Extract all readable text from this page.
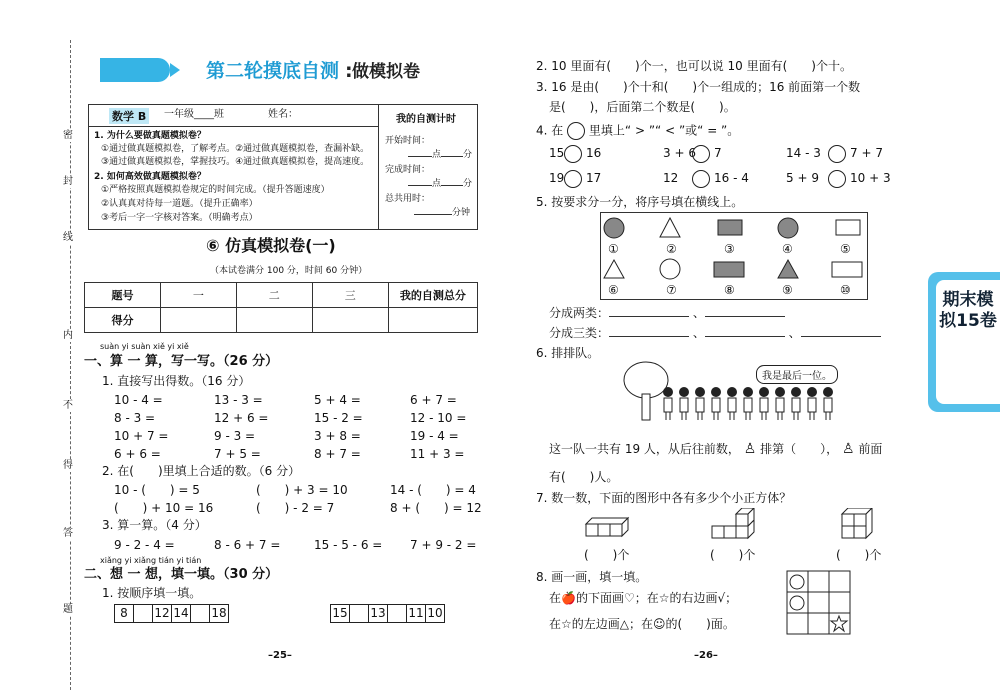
密
封
线
内
不
得
答
题
第二轮摸底自测 做模拟卷
:
数学 B	一年级____班	姓名：
1. 为什么要做真题模拟卷？
①通过做真题模拟卷，了解考点。②通过做真题模拟卷，查漏补缺。
③通过做真题模拟卷，掌握技巧。④通过做真题模拟卷，提高速度。
2. 如何高效做真题模拟卷？
①严格按照真题模拟卷规定的时间完成。（提升答题速度）
②认真真对待每一道题。（提升正确率）
③考后一字一字核对答案。（明确考点）
我的自测计时
开始时间：
点 分
完成时间：
点 分
总共用时：
分钟
⑥ 仿真模拟卷(一)
（本试卷满分 100 分，时间 60 分钟）
题号	一	二	三	我的自测总分
得分				
suàn yi suàn xiě yi xiě
一、算 一 算，写一写。（26 分）
1. 直接写出得数。（16 分）
10 - 4 =	13 - 3 =	5 + 4 =	6 + 7 =
8 - 3 =	12 + 6 =	15 - 2 =	12 - 10 =
10 + 7 =	9 - 3 =	3 + 8 =	19 - 4 =
6 + 6 =	7 + 5 =	8 + 7 =	11 + 3 =
2. 在(　　)里填上合适的数。（6 分）
10 - (　　) = 5	(　　) + 3 = 10	14 - (　　) = 4
(　　) + 10 = 16	(　　) - 2 = 7	8 + (　　) = 12
3. 算一算。（4 分）
9 - 2 - 4 =	8 - 6 + 7 =	15 - 5 - 6 = 7 + 9 - 2 =
xiǎng yi xiǎng tián yi tián
二、想 一 想，填一填。（30 分）
1. 按顺序填一填。
8	12 14 18	15 13 11 10
–25–	–26–
2. 10 里面有(　　)个一，也可以说 10 里面有(　　)个十。
3. 16 是由(　　)个十和(　　)个一组成的；16 前面第一个数
是(　　)，后面第二个数是(　　)。
4. 在 里填上“ > ”“ < ”或“ = ”。
15 16	3 + 6 7	14 - 3 7 + 7
19 17	12	16 - 4	5 + 9	10 + 3
5. 按要求分一分，将序号填在横线上。
①	②	③	④	⑤
⑥	⑦	⑧	⑨	⑩
分成两类：	、
分成三类：	、	、
6. 排排队。
我是最后一位。
这一队一共有 19 人，从后往前数， ♙ 排第（　　）， ♙ 前面
有(　　)人。
7. 数一数，下面的图形中各有多少个小正方体？
(　　)个	(　　)个	(　　)个
8. 画一画，填一填。
在🍎的下面画♡；在☆的右边画√；
在☆的左边画△；在☺的(　　)面。
期末模拟15卷
